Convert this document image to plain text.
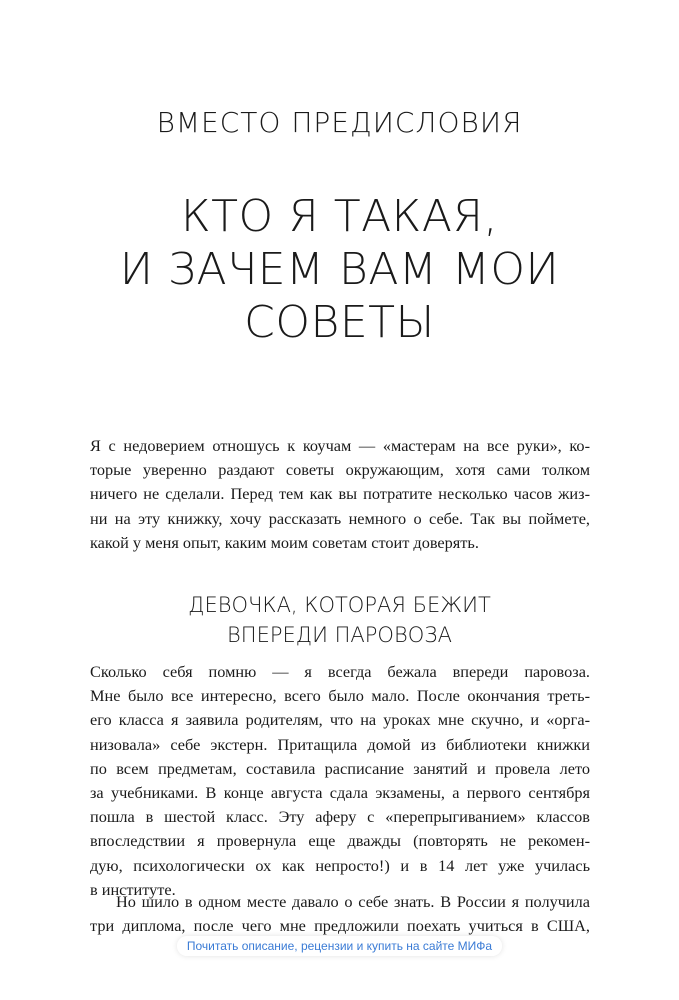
ВМЕСТО ПРЕДИСЛОВИЯ
КТО Я ТАКАЯ,
И ЗАЧЕМ ВАМ МОИ
СОВЕТЫ
Я с недоверием отношусь к коучам — «мастерам на все руки», ко-
торые уверенно раздают советы окружающим, хотя сами толком
ничего не сделали. Перед тем как вы потратите несколько часов жиз-
ни на эту книжку, хочу рассказать немного о себе. Так вы поймете,
какой у меня опыт, каким моим советам стоит доверять.
ДЕВОЧКА, КОТОРАЯ БЕЖИТ
ВПЕРЕДИ ПАРОВОЗА
Сколько себя помню — я всегда бежала впереди паровоза.
Мне было все интересно, всего было мало. После окончания треть-
его класса я заявила родителям, что на уроках мне скучно, и «орга-
низовала» себе экстерн. Притащила домой из библиотеки книжки
по всем предметам, составила расписание занятий и провела лето
за учебниками. В конце августа сдала экзамены, а первого сентября
пошла в шестой класс. Эту аферу с «перепрыгиванием» классов
впоследствии я провернула еще дважды (повторять не рекомен-
дую, психологически ох как непросто!) и в 14 лет уже училась
в институте.
Но шило в одном месте давало о себе знать. В России я получила
три диплома, после чего мне предложили поехать учиться в США,
Почитать описание, рецензии и купить на сайте МИФа
